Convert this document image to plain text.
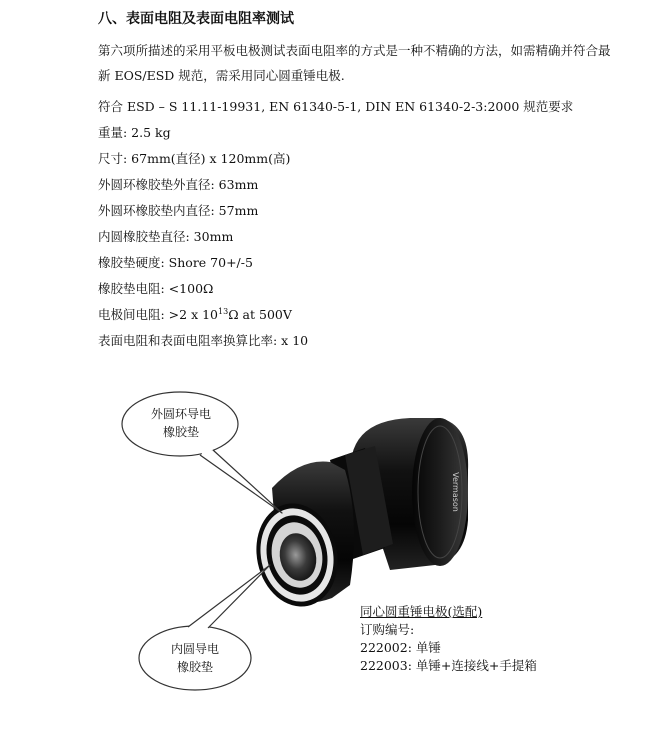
八、表面电阻及表面电阻率测试
第六项所描述的采用平板电极测试表面电阻率的方式是一种不精确的方法，如需精确并符合最新 EOS/ESD 规范，需采用同心圆重锤电极.
符合 ESD – S 11.11-19931, EN 61340-5-1, DIN EN 61340-2-3:2000 规范要求
重量: 2.5 kg
尺寸: 67mm(直径) x 120mm(高)
外圆环橡胶垫外直径: 63mm
外圆环橡胶垫内直径: 57mm
内圆橡胶垫直径: 30mm
橡胶垫硬度: Shore 70+/-5
橡胶垫电阻: <100Ω
电极间电阻: >2 x $10^{13}\Omega$ at 500V
表面电阻和表面电阻率换算比率: x 10
Vermason
外圆环导电
橡胶垫
内圆导电
橡胶垫
同心圆重锤电极(选配)
订购编号:
222002: 单锤
222003: 单锤+连接线+手提箱
